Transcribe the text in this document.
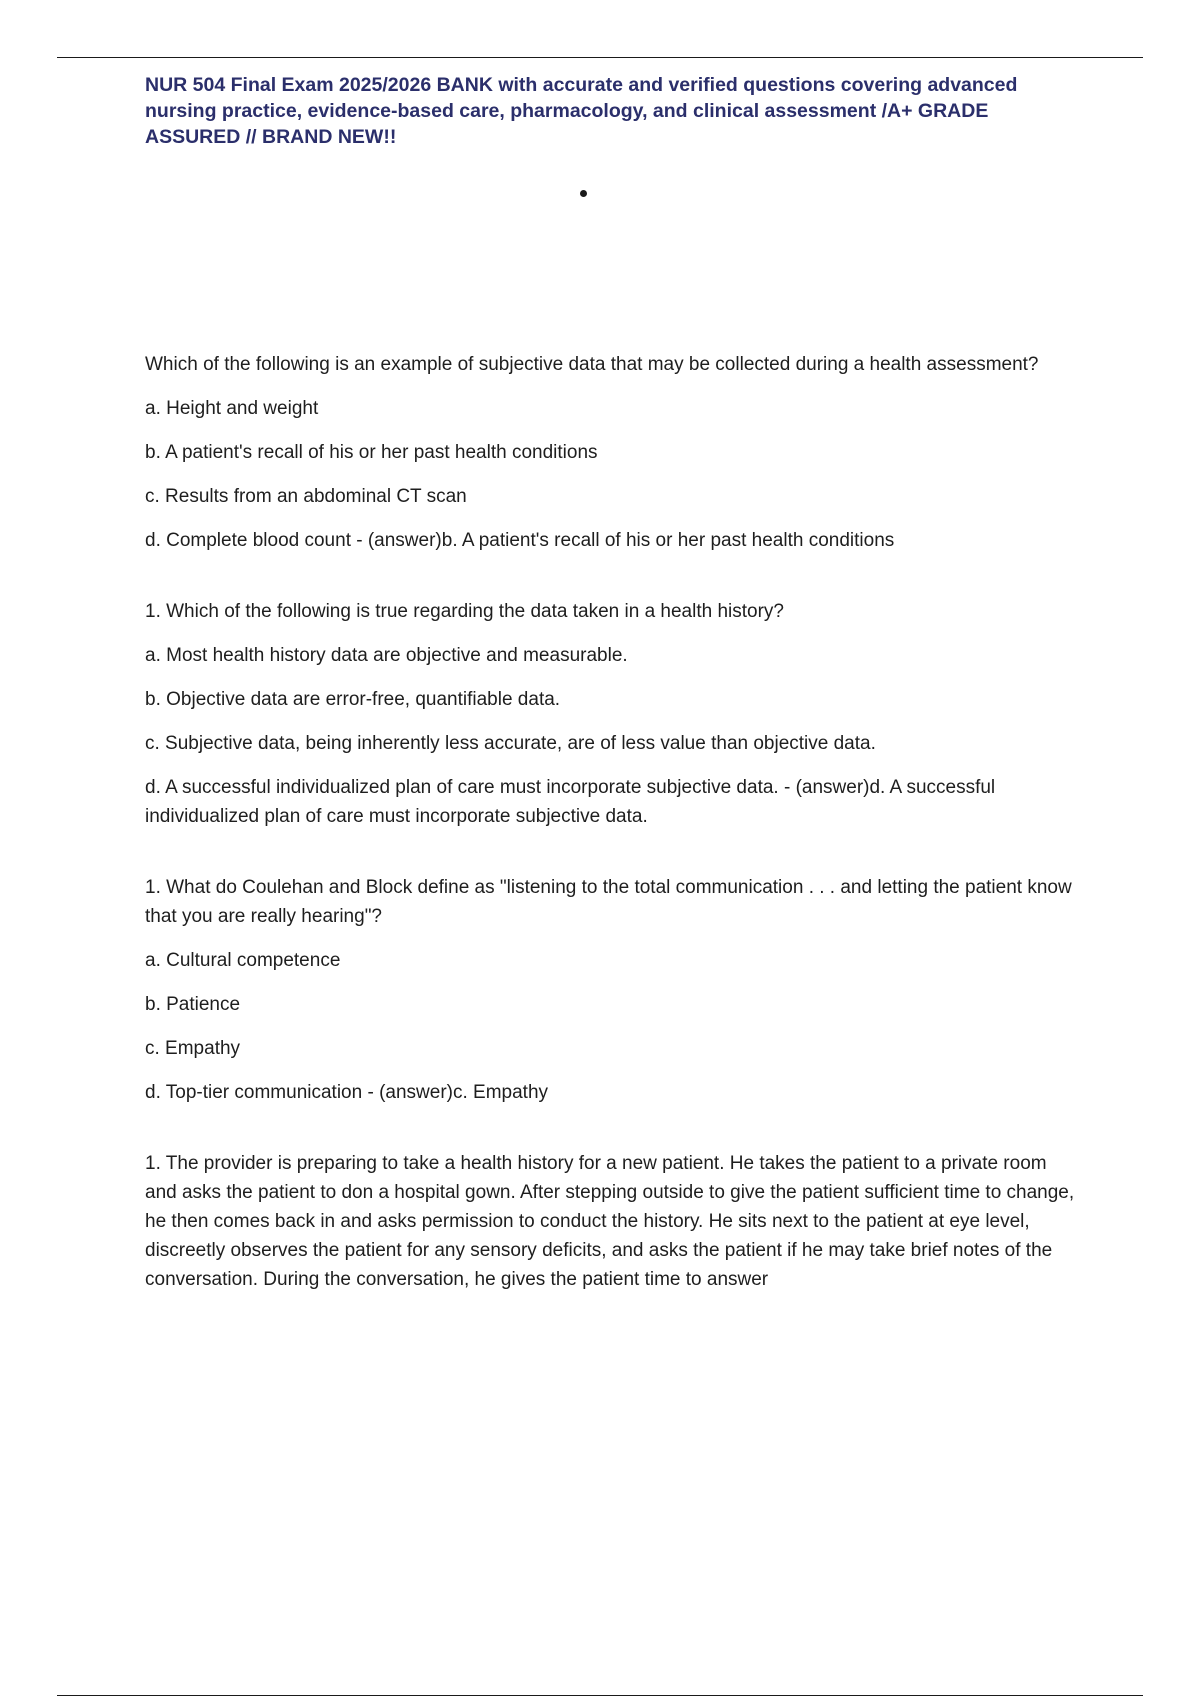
NUR 504 Final Exam 2025/2026 BANK with accurate and verified questions covering advanced nursing practice, evidence-based care, pharmacology, and clinical assessment /A+ GRADE ASSURED // BRAND NEW!!

Which of the following is an example of subjective data that may be collected during a health assessment?

a. Height and weight

b. A patient's recall of his or her past health conditions

c. Results from an abdominal CT scan

d. Complete blood count - (answer)b. A patient's recall of his or her past health conditions

1. Which of the following is true regarding the data taken in a health history?

a. Most health history data are objective and measurable.

b. Objective data are error-free, quantifiable data.

c. Subjective data, being inherently less accurate, are of less value than objective data.

d. A successful individualized plan of care must incorporate subjective data. - (answer)d. A successful individualized plan of care must incorporate subjective data.

1. What do Coulehan and Block define as "listening to the total communication . . . and letting the patient know that you are really hearing"?

a. Cultural competence

b. Patience

c. Empathy

d. Top-tier communication - (answer)c. Empathy

1. The provider is preparing to take a health history for a new patient. He takes the patient to a private room and asks the patient to don a hospital gown. After stepping outside to give the patient sufficient time to change, he then comes back in and asks permission to conduct the history. He sits next to the patient at eye level, discreetly observes the patient for any sensory deficits, and asks the patient if he may take brief notes of the conversation. During the conversation, he gives the patient time to answer
